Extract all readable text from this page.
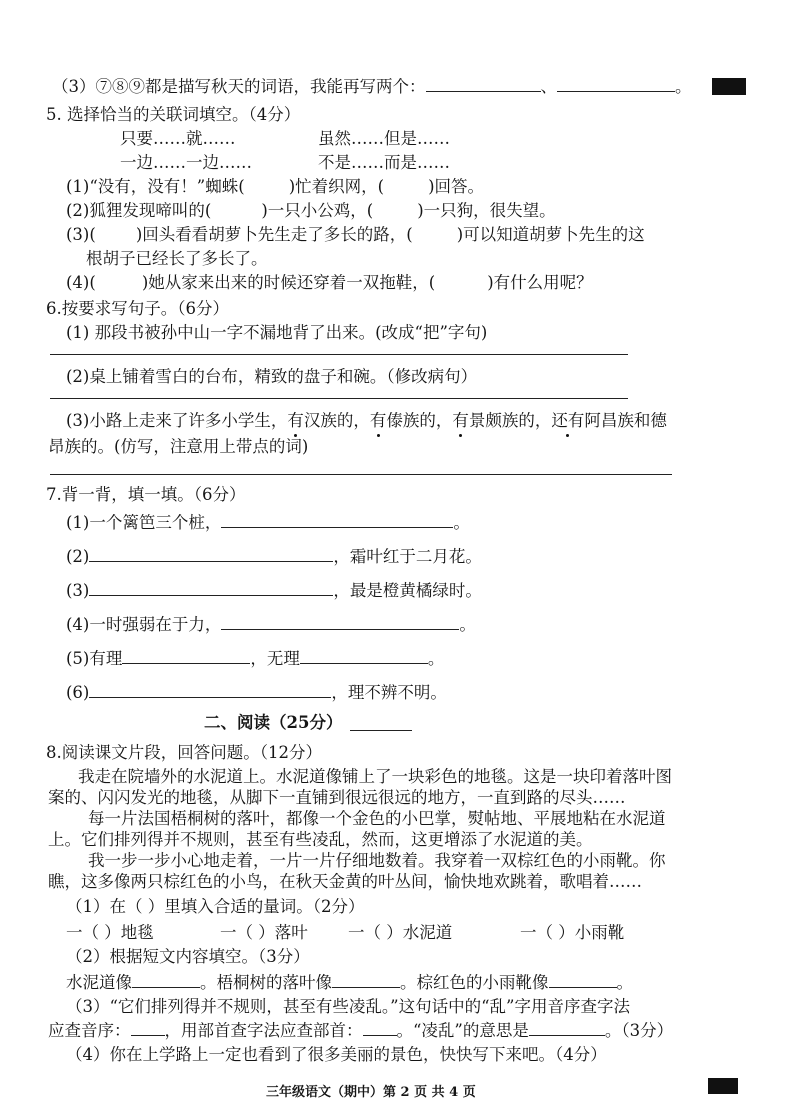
（3）⑦⑧⑨都是描写秋天的词语，我能再写两个：	、	。
5. 选择恰当的关联词填空。（4分）
只要……就……	虽然……但是……
一边……一边……	不是……而是……
(1)“没有，没有！”蜘蛛(	)忙着织网，(	)回答。
(2)狐狸发现啼叫的(	)一只小公鸡，(	)一只狗，很失望。
(3)( )回头看看胡萝卜先生走了多长的路，(	)可以知道胡萝卜先生的这
根胡子已经长了多长了。
(4)(	)她从家来出来的时候还穿着一双拖鞋，(	)有什么用呢？
6.按要求写句子。（6分）
(1) 那段书被孙中山一字不漏地背了出来。(改成“把”字句)
(2)桌上铺着雪白的台布，精致的盘子和碗。（修改病句）
(3)小路上走来了许多小学生，有汉族的，有傣族的，有景颇族的，还有阿昌族和德
昂族的。(仿写，注意用上带点的词)
7.背一背，填一填。（6分）
(1)一个篱笆三个桩，	。
(2)	，霜叶红于二月花。
(3)	，最是橙黄橘绿时。
(4)一时强弱在于力，	。
(5)有理	，无理	。
(6)	，理不辨不明。
二、阅读（25分）
8.阅读课文片段，回答问题。（12分）
我走在院墙外的水泥道上。水泥道像铺上了一块彩色的地毯。这是一块印着落叶图
案的、闪闪发光的地毯，从脚下一直铺到很远很远的地方，一直到路的尽头……
每一片法国梧桐树的落叶，都像一个金色的小巴掌，熨帖地、平展地粘在水泥道
上。它们排列得并不规则，甚至有些凌乱，然而，这更增添了水泥道的美。
我一步一步小心地走着，一片一片仔细地数着。我穿着一双棕红色的小雨靴。你
瞧，这多像两只棕红色的小鸟，在秋天金黄的叶丛间，愉快地欢跳着，歌唱着……
（1）在（ ）里填入合适的量词。（2分）
一（ ）地毯	一（ ）落叶 一（ ）水泥道	一（ ）小雨靴
（2）根据短文内容填空。（3分）
水泥道像	。梧桐树的落叶像	。棕红色的小雨靴像	。
（3）“它们排列得并不规则，甚至有些凌乱。”这句话中的“乱”字用音序查字法
应查音序： ，用部首查字法应查部首： 。“凌乱”的意思是	。（3分）
（4）你在上学路上一定也看到了很多美丽的景色，快快写下来吧。（4分）
三年级语文（期中）第 2 页 共 4 页
